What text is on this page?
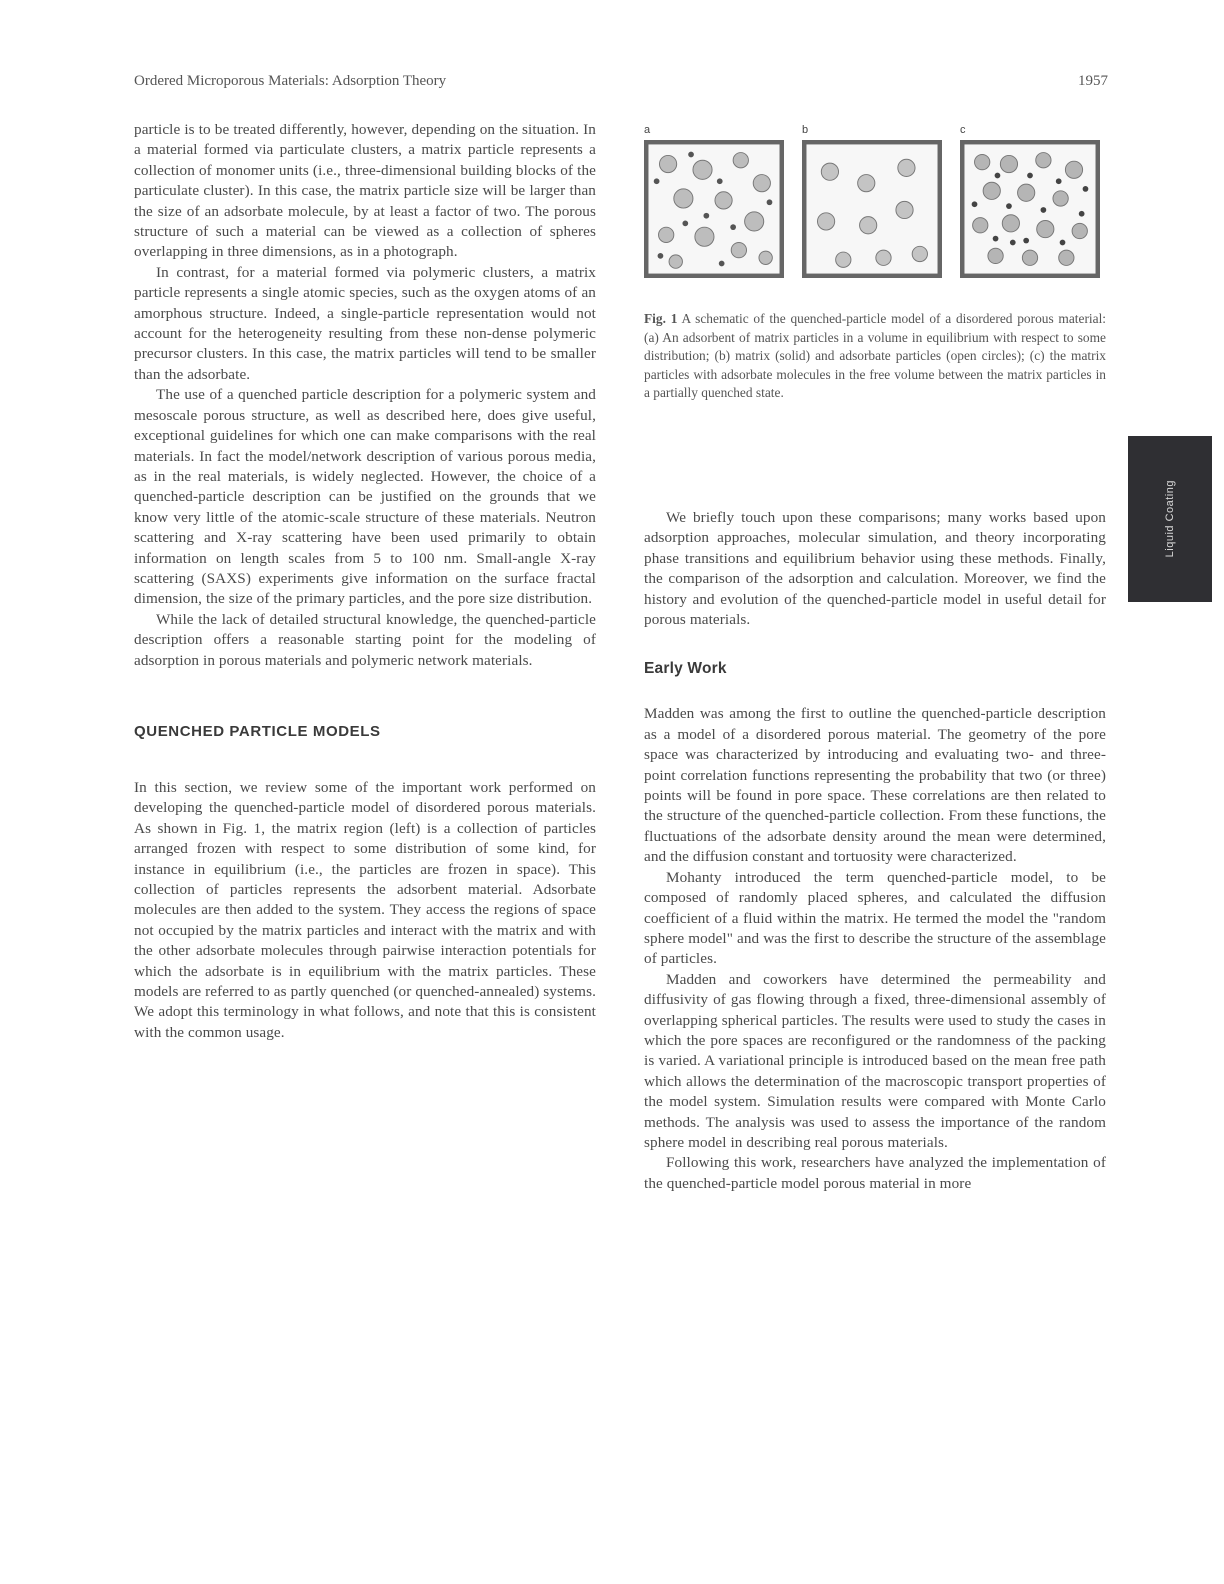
Ordered Microporous Materials: Adsorption Theory	1957

particle is to be treated differently, however, depending on the situation. In a material formed via particulate clusters, a matrix particle represents a collection of monomer units (i.e., three-dimensional building blocks of the particulate cluster). In this case, the matrix particle size will be larger than the size of an adsorbate molecule, by at least a factor of two. The porous structure of such a material can be viewed as a collection of spheres overlapping in three dimensions, as in a photograph.

In contrast, for a material formed via polymeric clusters, a matrix particle represents a single atomic species, such as the oxygen atoms of an amorphous structure. Indeed, a single-particle representation would not account for the heterogeneity resulting from these non-dense polymeric precursor clusters. In this case, the matrix particles will tend to be smaller than the adsorbate.

The use of a quenched particle description for a polymeric system and mesoscale porous structure, as well as described here, does give useful, exceptional guidelines for which one can make comparisons with the real materials. In fact the model/network description of various porous media, as in the real materials, is widely neglected. However, the choice of a quenched-particle description can be justified on the grounds that we know very little of the atomic-scale structure of these materials. Neutron scattering and X-ray scattering have been used primarily to obtain information on length scales from 5 to 100 nm. Small-angle X-ray scattering (SAXS) experiments give information on the surface fractal dimension, the size of the primary particles, and the pore size distribution.

While the lack of detailed structural knowledge, the quenched-particle description offers a reasonable starting point for the modeling of adsorption in porous materials and polymeric network materials.

QUENCHED PARTICLE MODELS

In this section, we review some of the important work performed on developing the quenched-particle model of disordered porous materials. As shown in Fig. 1, the matrix region (left) is a collection of particles arranged frozen with respect to some distribution of some kind, for instance in equilibrium (i.e., the particles are frozen in space). This collection of particles represents the adsorbent material. Adsorbate molecules are then added to the system. They access the regions of space not occupied by the matrix particles and interact with the matrix and with the other adsorbate molecules through pairwise interaction potentials for which the adsorbate is in equilibrium with the matrix particles. These models are referred to as partly quenched (or quenched-annealed) systems. We adopt this terminology in what follows, and note that this is consistent with the common usage.

a	b	c
Fig. 1 A schematic of the quenched-particle model of a disordered porous material: (a) An adsorbent of matrix particles in a volume in equilibrium with respect to some distribution; (b) matrix (solid) and adsorbate particles (open circles); (c) the matrix particles with adsorbate molecules in the free volume between the matrix particles in a partially quenched state.

We briefly touch upon these comparisons; many works based upon adsorption approaches, molecular simulation, and theory incorporating phase transitions and equilibrium behavior using these methods. Finally, the comparison of the adsorption and calculation. Moreover, we find the history and evolution of the quenched-particle model in useful detail for porous materials.

Early Work

Madden was among the first to outline the quenched-particle description as a model of a disordered porous material. The geometry of the pore space was characterized by introducing and evaluating two- and three-point correlation functions representing the probability that two (or three) points will be found in pore space. These correlations are then related to the structure of the quenched-particle collection. From these functions, the fluctuations of the adsorbate density around the mean were determined, and the diffusion constant and tortuosity were characterized.

Mohanty introduced the term quenched-particle model, to be composed of randomly placed spheres, and calculated the diffusion coefficient of a fluid within the matrix. He termed the model the "random sphere model" and was the first to describe the structure of the assemblage of particles.

Madden and coworkers have determined the permeability and diffusivity of gas flowing through a fixed, three-dimensional assembly of overlapping spherical particles. The results were used to study the cases in which the pore spaces are reconfigured or the randomness of the packing is varied. A variational principle is introduced based on the mean free path which allows the determination of the macroscopic transport properties of the model system. Simulation results were compared with Monte Carlo methods. The analysis was used to assess the importance of the random sphere model in describing real porous materials.

Following this work, researchers have analyzed the implementation of the quenched-particle model porous material in more

Liquid Coating
